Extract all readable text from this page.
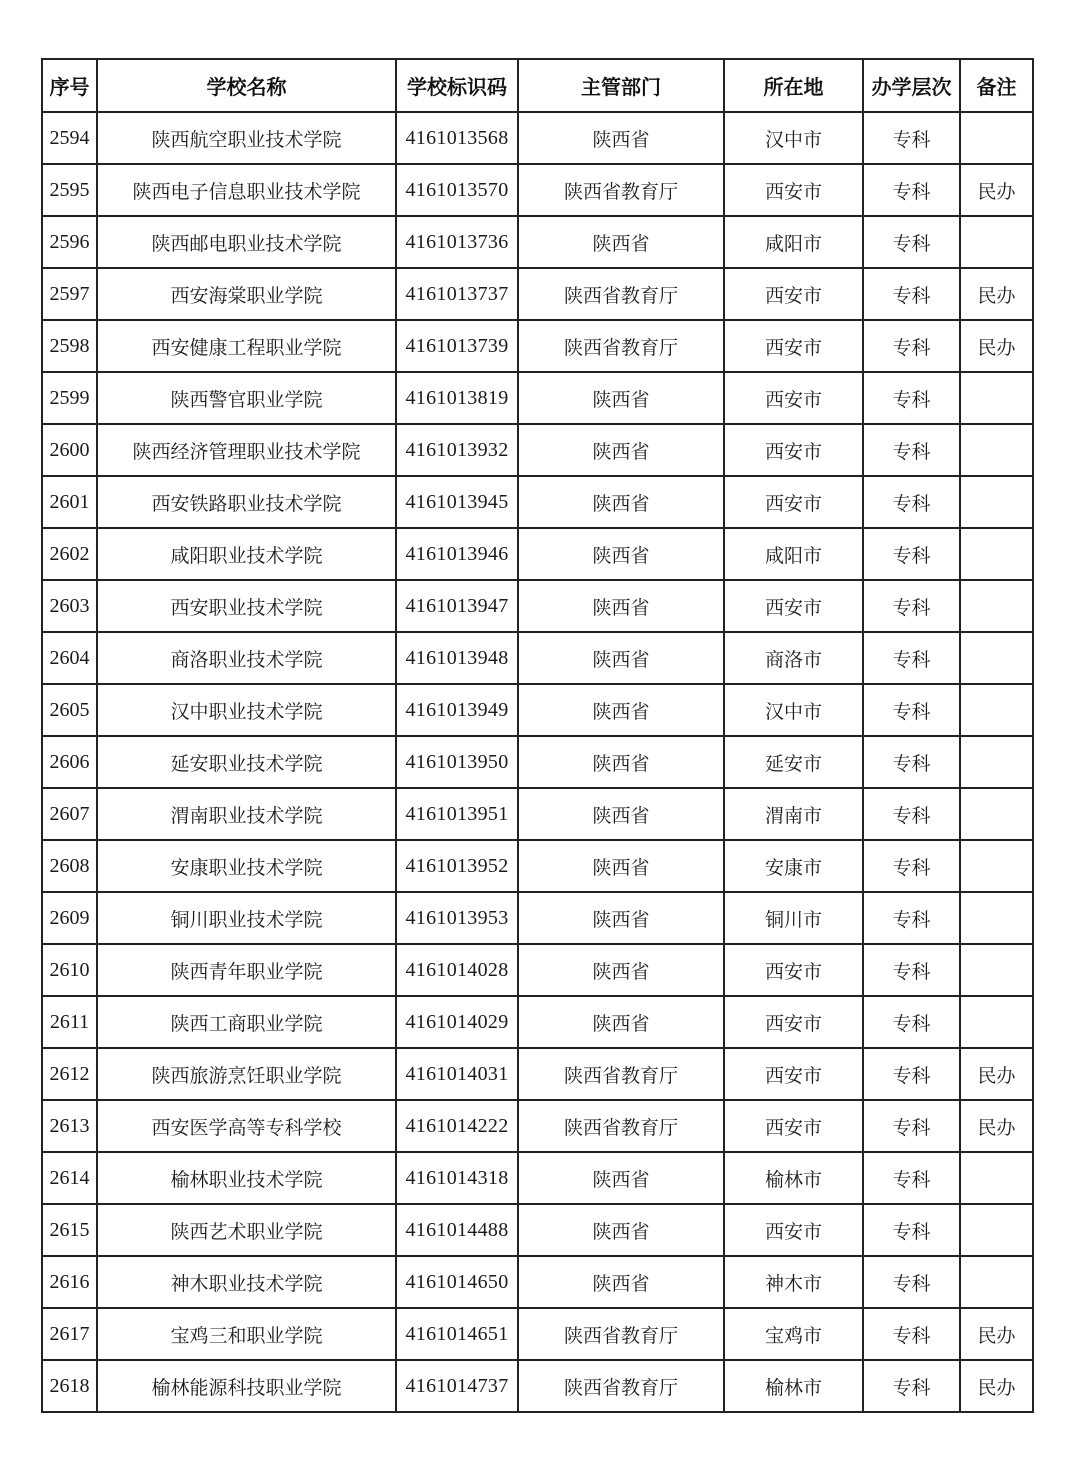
序号	学校名称	学校标识码	主管部门	所在地	办学层次	备注
2594	陕西航空职业技术学院	4161013568	陕西省	汉中市	专科	
2595	陕西电子信息职业技术学院	4161013570	陕西省教育厅	西安市	专科	民办
2596	陕西邮电职业技术学院	4161013736	陕西省	咸阳市	专科	
2597	西安海棠职业学院	4161013737	陕西省教育厅	西安市	专科	民办
2598	西安健康工程职业学院	4161013739	陕西省教育厅	西安市	专科	民办
2599	陕西警官职业学院	4161013819	陕西省	西安市	专科	
2600	陕西经济管理职业技术学院	4161013932	陕西省	西安市	专科	
2601	西安铁路职业技术学院	4161013945	陕西省	西安市	专科	
2602	咸阳职业技术学院	4161013946	陕西省	咸阳市	专科	
2603	西安职业技术学院	4161013947	陕西省	西安市	专科	
2604	商洛职业技术学院	4161013948	陕西省	商洛市	专科	
2605	汉中职业技术学院	4161013949	陕西省	汉中市	专科	
2606	延安职业技术学院	4161013950	陕西省	延安市	专科	
2607	渭南职业技术学院	4161013951	陕西省	渭南市	专科	
2608	安康职业技术学院	4161013952	陕西省	安康市	专科	
2609	铜川职业技术学院	4161013953	陕西省	铜川市	专科	
2610	陕西青年职业学院	4161014028	陕西省	西安市	专科	
2611	陕西工商职业学院	4161014029	陕西省	西安市	专科	
2612	陕西旅游烹饪职业学院	4161014031	陕西省教育厅	西安市	专科	民办
2613	西安医学高等专科学校	4161014222	陕西省教育厅	西安市	专科	民办
2614	榆林职业技术学院	4161014318	陕西省	榆林市	专科	
2615	陕西艺术职业学院	4161014488	陕西省	西安市	专科	
2616	神木职业技术学院	4161014650	陕西省	神木市	专科	
2617	宝鸡三和职业学院	4161014651	陕西省教育厅	宝鸡市	专科	民办
2618	榆林能源科技职业学院	4161014737	陕西省教育厅	榆林市	专科	民办
